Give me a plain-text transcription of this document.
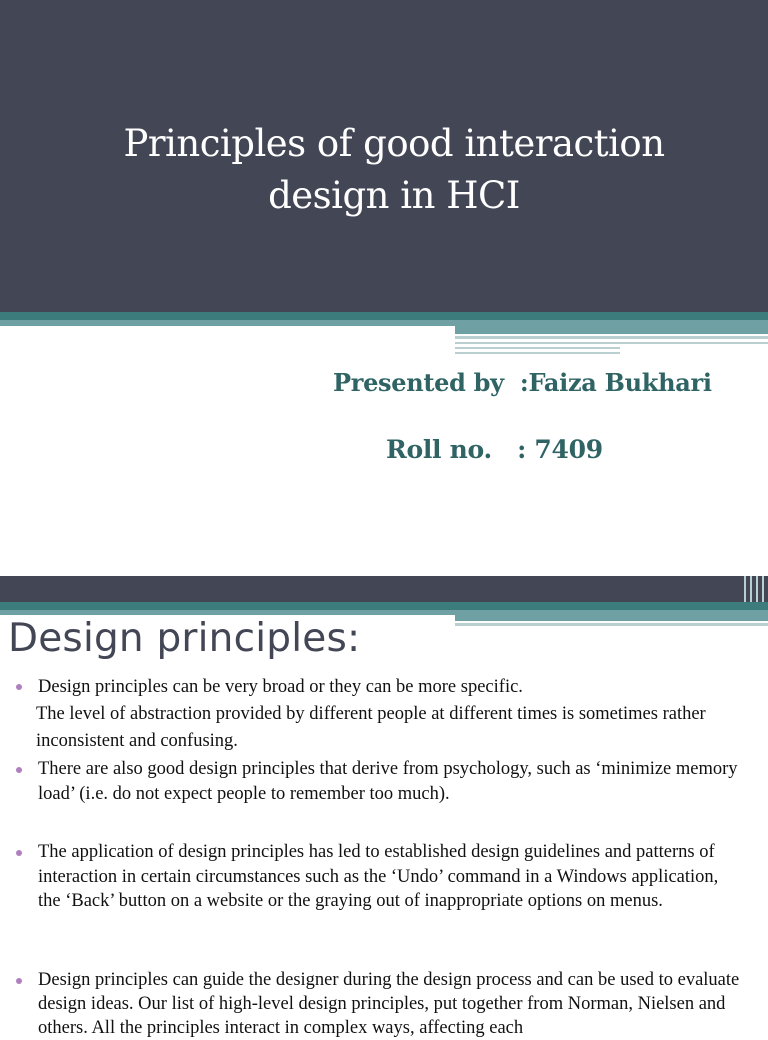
Principles of good interaction
design in HCI
Presented by  :Faiza Bukhari
Roll no.   : 7409
Design principles:
Design principles can be very broad or they can be more specific.
The level of abstraction provided by different people at different times is sometimes rather inconsistent and confusing.
There are also good design principles that derive from psychology, such as ‘minimize memory load’ (i.e. do not expect people to remember too much).
The application of design principles has led to established design guidelines and patterns of interaction in certain circumstances such as the ‘Undo’ command in a Windows application, the ‘Back’ button on a website or the graying out of inappropriate options on menus.
Design principles can guide the designer during the design process and can be used to evaluate design ideas. Our list of high-level design principles, put together from Norman, Nielsen and others. All the principles interact in complex ways, affecting each
